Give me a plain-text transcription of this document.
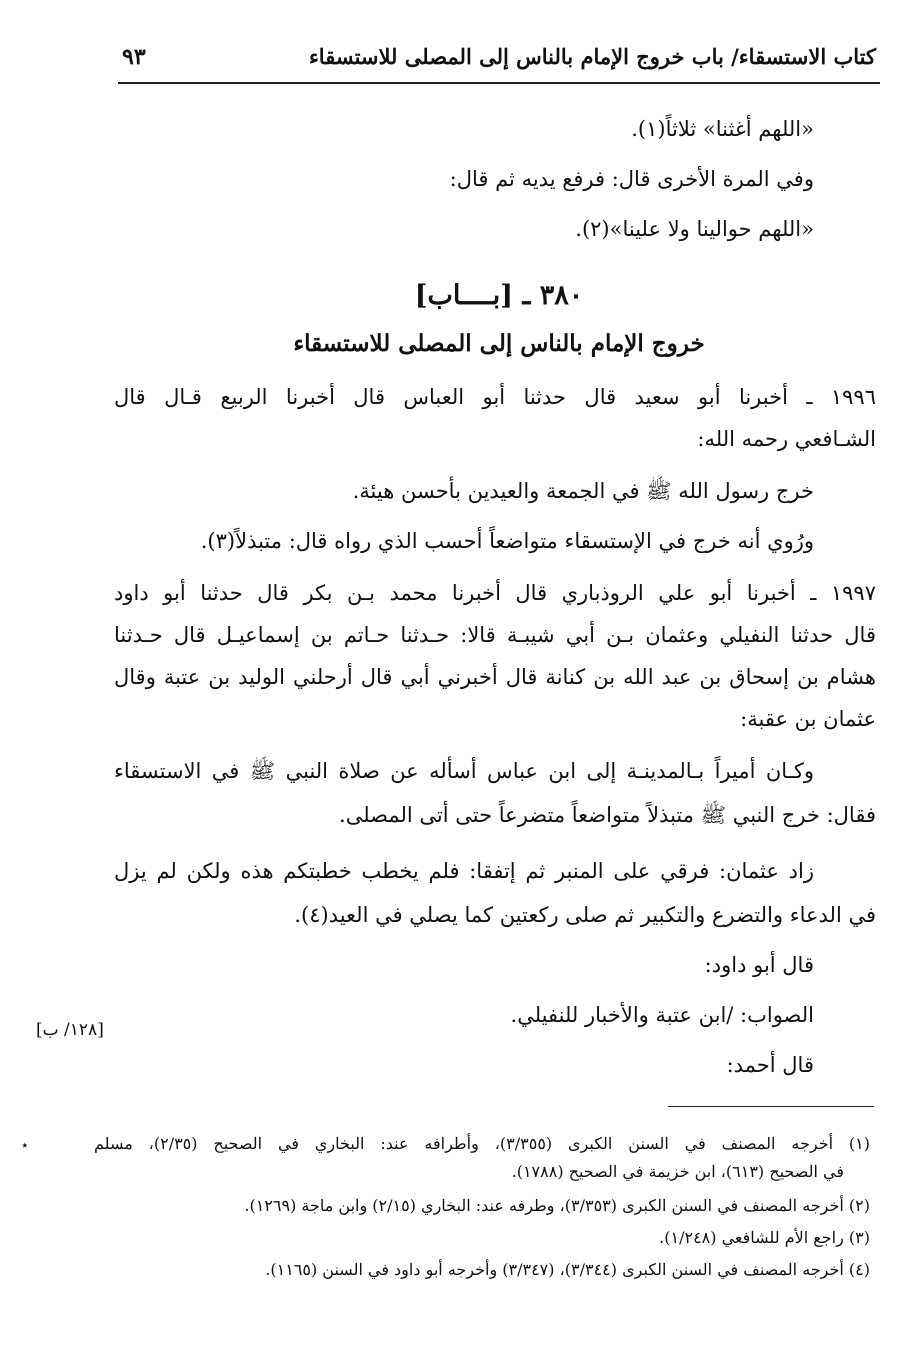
كتاب الاستسقاء/ باب خروج الإمام بالناس إلى المصلى للاستسقاء
٩٣
«اللهم أغثنا» ثلاثاً(١).
وفي المرة الأخرى قال: فرفع يديه ثم قال:
«اللهم حوالينا ولا علينا»(٢).
٣٨٠ ـ [بــــاب]
خروج الإمام بالناس إلى المصلى للاستسقاء
١٩٩٦ ـ أخبرنا أبو سعيد قال حدثنا أبو العباس قال أخبرنا الربيع قـال قال
الشـافعي رحمه الله:
خرج رسول الله ﷺ في الجمعة والعيدين بأحسن هيئة.
ورُوي أنه خرج في الإستسقاء متواضعاً أحسب الذي رواه قال: متبذلاً(٣).
١٩٩٧ ـ أخبرنا أبو علي الروذباري قال أخبرنا محمد بـن بكر قال حدثنا أبو داود
قال حدثنا النفيلي وعثمان بـن أبي شيبـة قالا: حـدثنا حـاتم بن إسماعيـل قال حـدثنا
هشام بن إسحاق بن عبد الله بن كنانة قال أخبرني أبي قال أرحلني الوليد بن عتبة وقال
عثمان بن عقبة:
وكـان أميراً بـالمدينـة إلى ابن عباس أسأله عن صلاة النبي ﷺ في الاستسقاء
فقال: خرج النبي ﷺ متبذلاً متواضعاً متضرعاً حتى أتى المصلى.
زاد عثمان: فرقي على المنبر ثم إتفقا: فلم يخطب خطبتكم هذه ولكن لم يزل
في الدعاء والتضرع والتكبير ثم صلى ركعتين كما يصلي في العيد(٤).
قال أبو داود:
الصواب: /ابن عتبة والأخبار للنفيلي.
قال أحمد:
[١٢٨/ ب]
٭	(١) أخرجه المصنف في السنن الكبرى (٣/٣٥٥)، وأطرافه عند: البخاري في الصحيح (٢/٣٥)، مسلم
في الصحيح (٦١٣)، ابن خزيمة في الصحيح (١٧٨٨).
(٢) أخرجه المصنف في السنن الكبرى (٣/٣٥٣)، وطرفه عند: البخاري (٢/١٥) وابن ماجة (١٢٦٩).
(٣) راجع الأم للشافعي (١/٢٤٨).
(٤) أخرجه المصنف في السنن الكبرى (٣/٣٤٤)، (٣/٣٤٧) وأخرجه أبو داود في السنن (١١٦٥).
